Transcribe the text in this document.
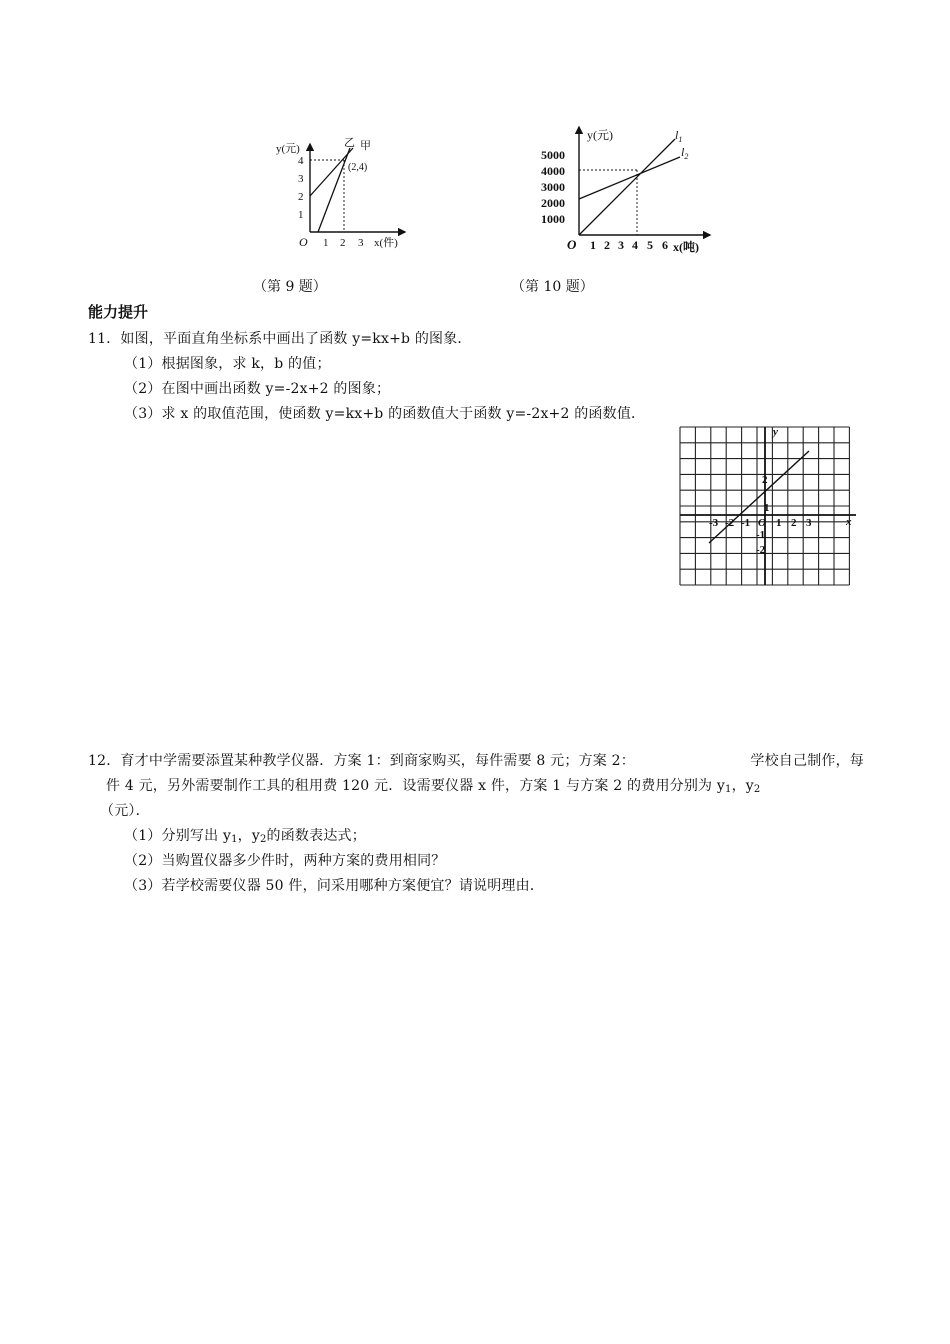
y(元)
O
1
2
3
4
1 2 3 x(件)
乙 甲
(2,4)
（第 9 题）
y(元)
5000
4000
3000
2000
1000
O 1 2 3 4 5 6 x(吨)
$l_1$
$l_2$
（第 10 题）
能力提升
11．如图，平面直角坐标系中画出了函数 y=kx+b 的图象．
（1）根据图象，求 k，b 的值；
（2）在图中画出函数 y=-2x+2 的图象；
（3）求 x 的取值范围，使函数 y=kx+b 的函数值大于函数 y=-2x+2 的函数值．
x
y
O
-3 -2 -1 1 2 3
1
2
-1
-2
12．育才中学需要添置某种教学仪器．方案 1：到商家购买，每件需要 8 元；方案 2：	学校自己制作，每
件 4 元，另外需要制作工具的租用费 120 元．设需要仪器 x 件，方案 1 与方案 2 的费用分别为 $y_1$，$y_2$
（元）．
（1）分别写出 $y_1$，$y_2$的函数表达式；
（2）当购置仪器多少件时，两种方案的费用相同？
（3）若学校需要仪器 50 件，问采用哪种方案便宜？请说明理由．
